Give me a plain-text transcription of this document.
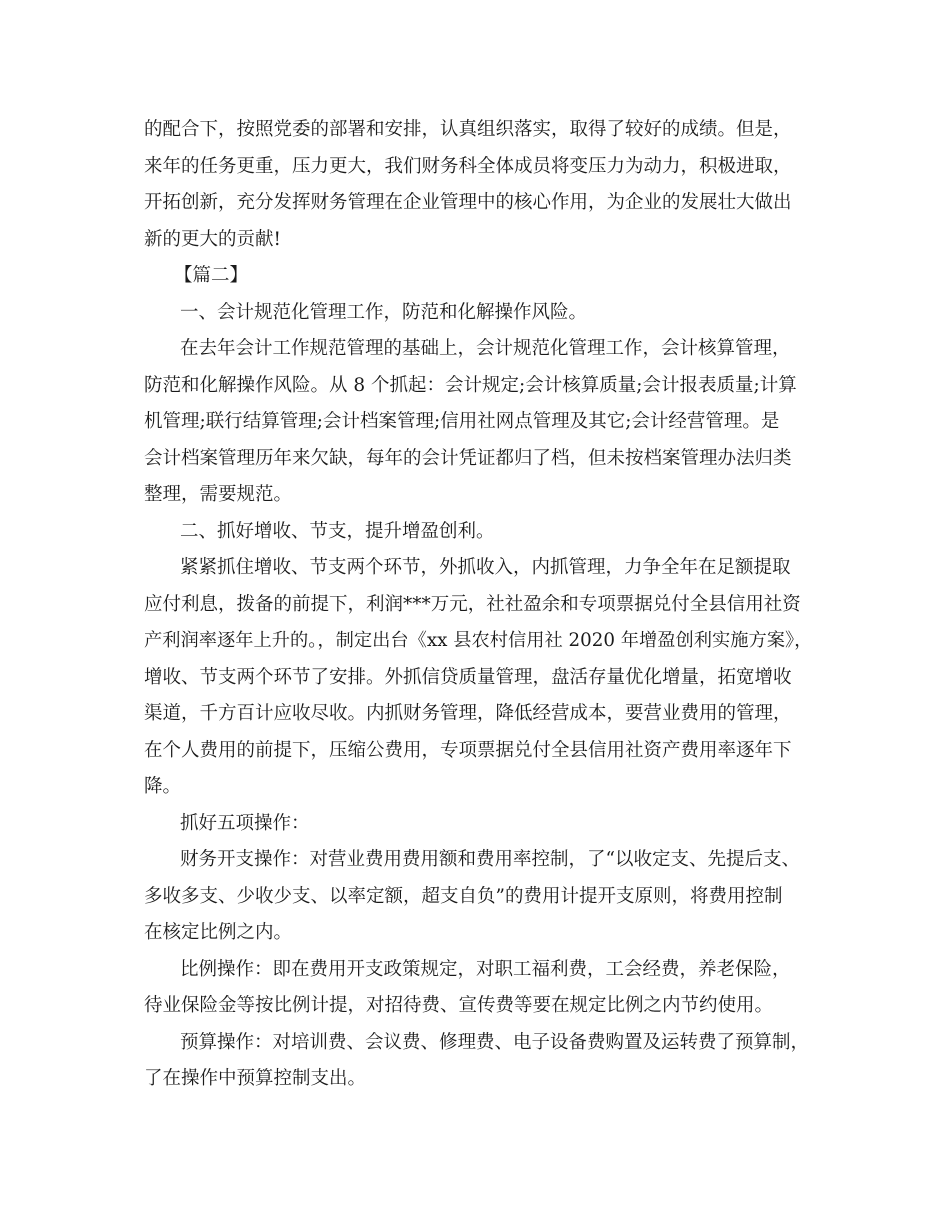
的配合下，按照党委的部署和安排，认真组织落实，取得了较好的成绩。但是，
来年的任务更重，压力更大，我们财务科全体成员将变压力为动力，积极进取，
开拓创新，充分发挥财务管理在企业管理中的核心作用，为企业的发展壮大做出
新的更大的贡献!
【篇二】
一、会计规范化管理工作，防范和化解操作风险。
在去年会计工作规范管理的基础上，会计规范化管理工作，会计核算管理，
防范和化解操作风险。从 8 个抓起：会计规定;会计核算质量;会计报表质量;计算
机管理;联行结算管理;会计档案管理;信用社网点管理及其它;会计经营管理。是
会计档案管理历年来欠缺，每年的会计凭证都归了档，但未按档案管理办法归类
整理，需要规范。
二、抓好增收、节支，提升增盈创利。
紧紧抓住增收、节支两个环节，外抓收入，内抓管理，力争全年在足额提取
应付利息，拨备的前提下，利润***万元，社社盈余和专项票据兑付全县信用社资
产利润率逐年上升的。，制定出台《xx 县农村信用社 2020 年增盈创利实施方案》，
增收、节支两个环节了安排。外抓信贷质量管理，盘活存量优化增量，拓宽增收
渠道，千方百计应收尽收。内抓财务管理，降低经营成本，要营业费用的管理，
在个人费用的前提下，压缩公费用，专项票据兑付全县信用社资产费用率逐年下
降。
抓好五项操作：
财务开支操作：对营业费用费用额和费用率控制，了“以收定支、先提后支、
多收多支、少收少支、以率定额，超支自负”的费用计提开支原则，将费用控制
在核定比例之内。
比例操作：即在费用开支政策规定，对职工福利费，工会经费，养老保险，
待业保险金等按比例计提，对招待费、宣传费等要在规定比例之内节约使用。
预算操作：对培训费、会议费、修理费、电子设备费购置及运转费了预算制，
了在操作中预算控制支出。
